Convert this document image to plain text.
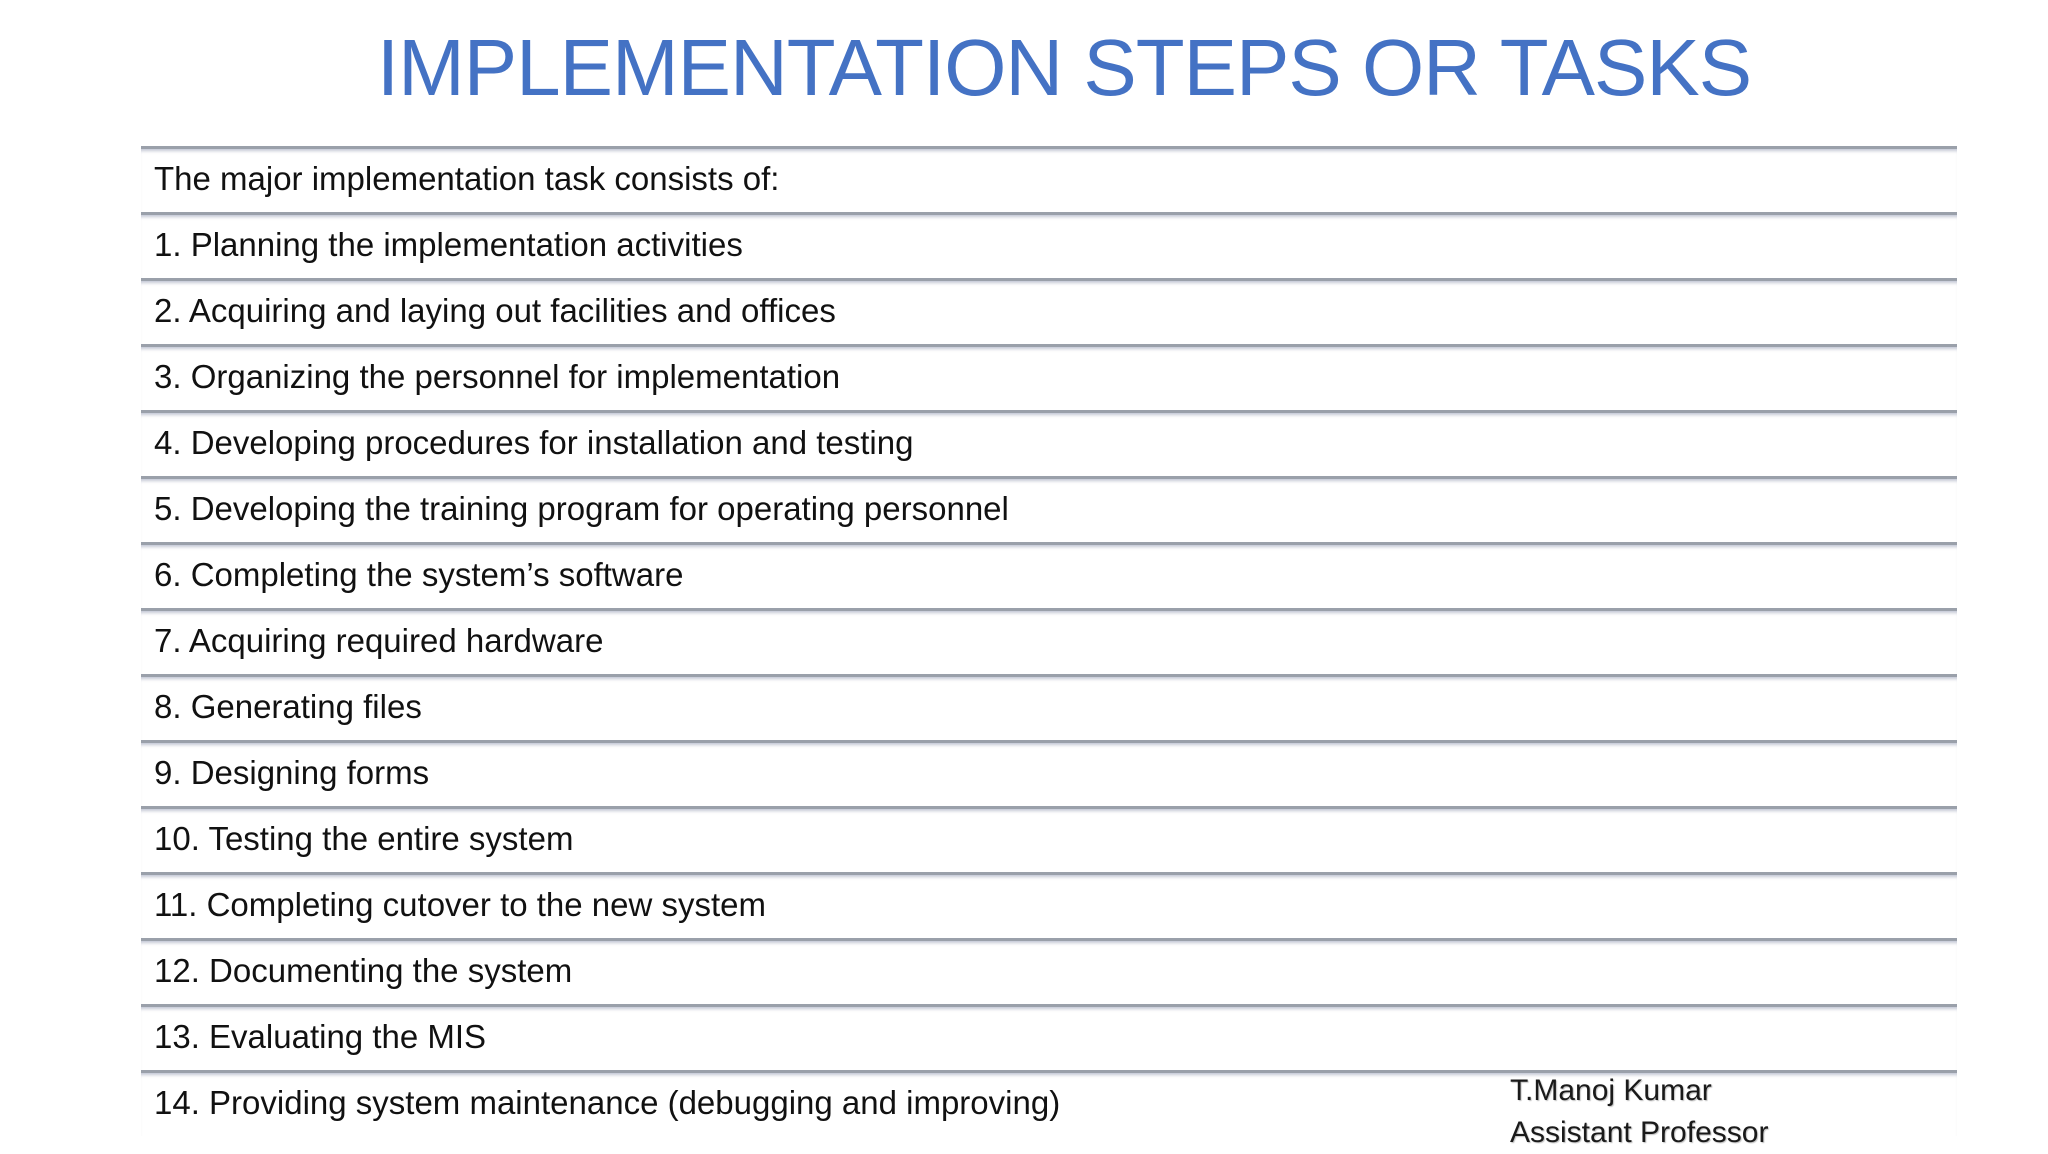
IMPLEMENTATION STEPS OR TASKS
The major implementation task consists of:
1. Planning the implementation activities
2. Acquiring and laying out facilities and offices
3. Organizing the personnel for implementation
4. Developing procedures for installation and testing
5. Developing the training program for operating personnel
6. Completing the system’s software
7. Acquiring required hardware
8. Generating files
9. Designing forms
10. Testing the entire system
11. Completing cutover to the new system
12. Documenting the system
13. Evaluating the MIS
14. Providing system maintenance (debugging and improving)	T.Manoj Kumar
Assistant Professor
